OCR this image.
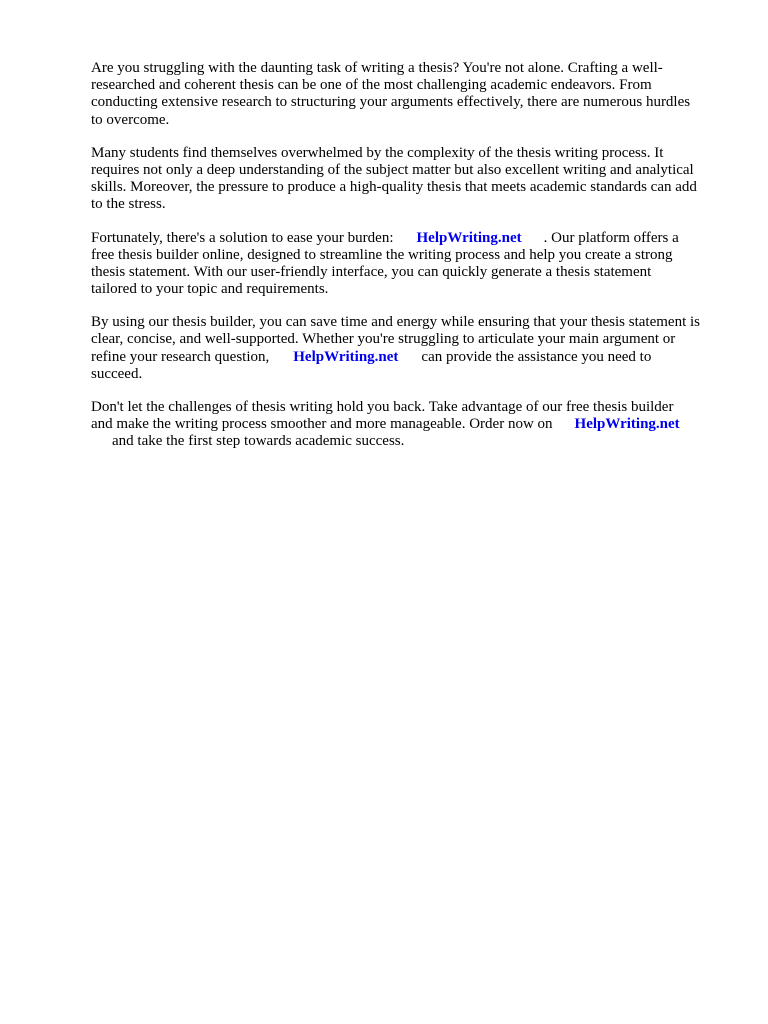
Are you struggling with the daunting task of writing a thesis? You're not alone. Crafting a well-
researched and coherent thesis can be one of the most challenging academic endeavors. From
conducting extensive research to structuring your arguments effectively, there are numerous hurdles
to overcome.

Many students find themselves overwhelmed by the complexity of the thesis writing process. It
requires not only a deep understanding of the subject matter but also excellent writing and analytical
skills. Moreover, the pressure to produce a high-quality thesis that meets academic standards can add
to the stress.

Fortunately, there's a solution to ease your burden: HelpWriting.net . Our platform offers a
free thesis builder online, designed to streamline the writing process and help you create a strong
thesis statement. With our user-friendly interface, you can quickly generate a thesis statement
tailored to your topic and requirements.

By using our thesis builder, you can save time and energy while ensuring that your thesis statement is
clear, concise, and well-supported. Whether you're struggling to articulate your main argument or
refine your research question, HelpWriting.net can provide the assistance you need to
succeed.

Don't let the challenges of thesis writing hold you back. Take advantage of our free thesis builder
and make the writing process smoother and more manageable. Order now on HelpWriting.net
and take the first step towards academic success.
